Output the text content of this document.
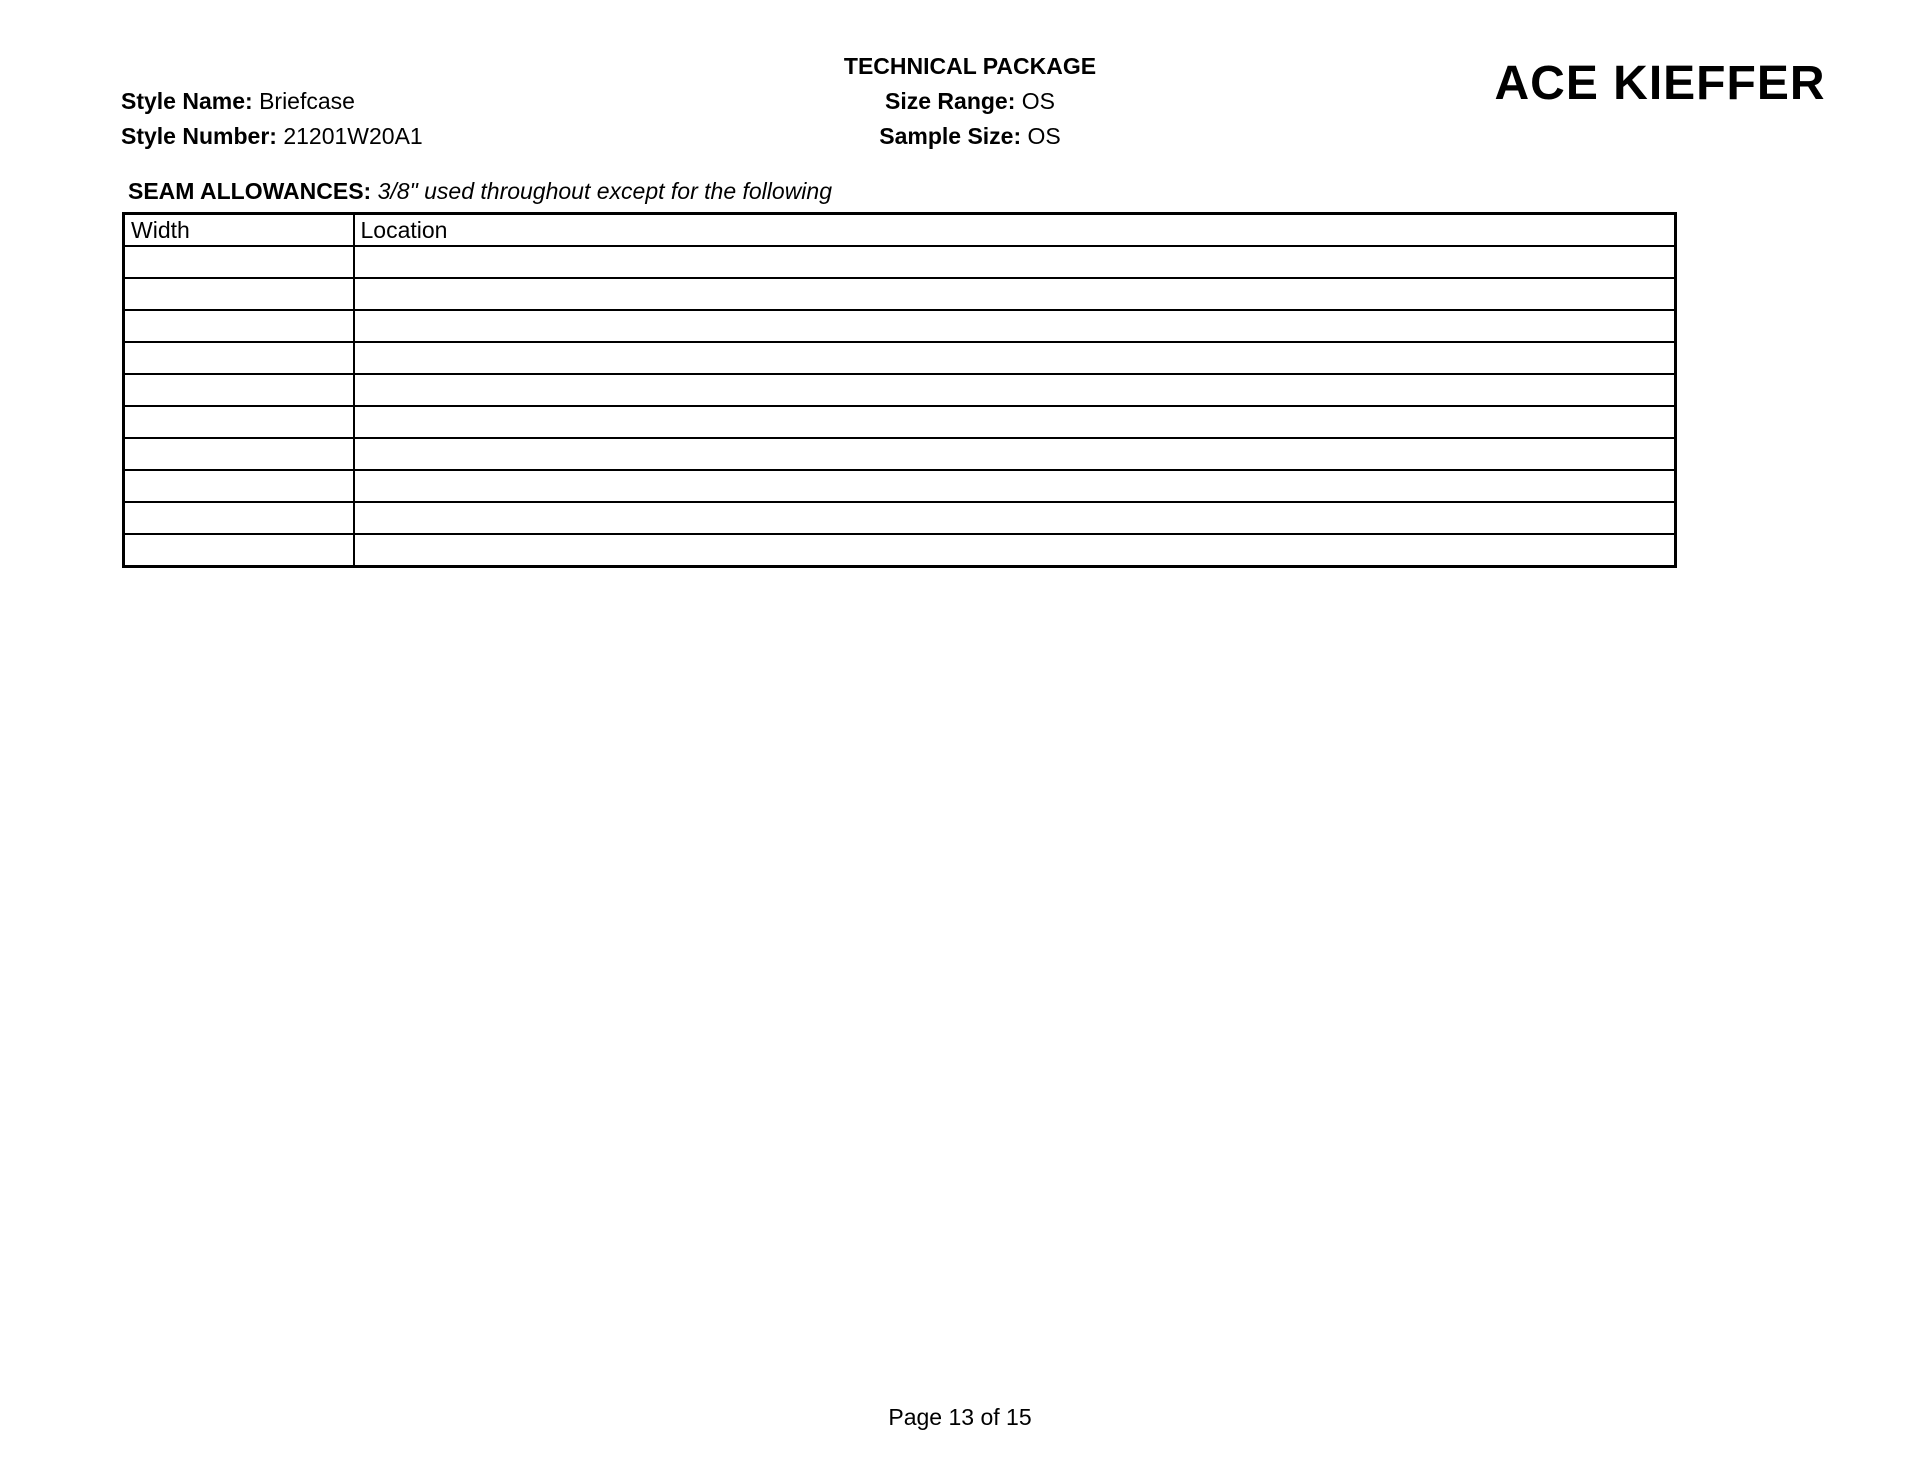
Style Name: Briefcase
Style Number: 21201W20A1
TECHNICAL PACKAGE
Size Range: OS
Sample Size: OS
ACE KIEFFER
SEAM ALLOWANCES: 3/8" used throughout except for the following
Width	Location

Page 13 of 15
